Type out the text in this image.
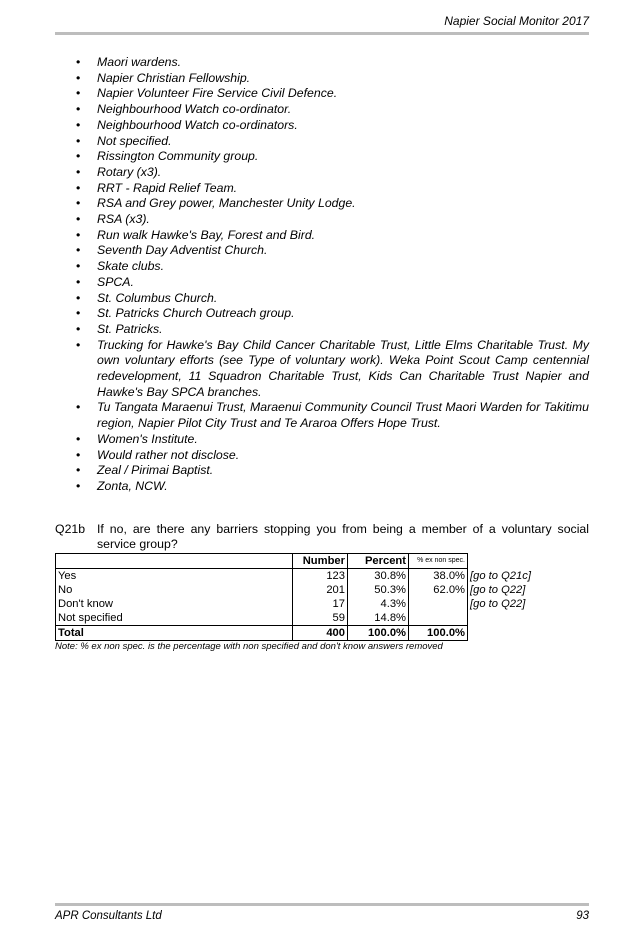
Napier Social Monitor 2017
• Maori wardens.
• Napier Christian Fellowship.
• Napier Volunteer Fire Service Civil Defence.
• Neighbourhood Watch co-ordinator.
• Neighbourhood Watch co-ordinators.
• Not specified.
• Rissington Community group.
• Rotary (x3).
• RRT - Rapid Relief Team.
• RSA and Grey power, Manchester Unity Lodge.
• RSA (x3).
• Run walk Hawke's Bay, Forest and Bird.
• Seventh Day Adventist Church.
• Skate clubs.
• SPCA.
• St. Columbus Church.
• St. Patricks Church Outreach group.
• St. Patricks.
• Trucking for Hawke's Bay Child Cancer Charitable Trust, Little Elms Charitable Trust. My own voluntary efforts (see Type of voluntary work). Weka Point Scout Camp centennial redevelopment, 11 Squadron Charitable Trust, Kids Can Charitable Trust Napier and Hawke's Bay SPCA branches.
• Tu Tangata Maraenui Trust, Maraenui Community Council Trust Maori Warden for Takitimu region, Napier Pilot City Trust and Te Araroa Offers Hope Trust.
• Women's Institute.
• Would rather not disclose.
• Zeal / Pirimai Baptist.
• Zonta, NCW.
Q21b If no, are there any barriers stopping you from being a member of a voluntary social service group?
	Number	Percent	% ex non spec.	
Yes	123	30.8%	38.0%	[go to Q21c]
No	201	50.3%	62.0%	[go to Q22]
Don't know	17	4.3%		[go to Q22]
Not specified	59	14.8%		
Total	400	100.0%	100.0%	
Note: % ex non spec. is the percentage with non specified and don't know answers removed
APR Consultants Ltd	93
